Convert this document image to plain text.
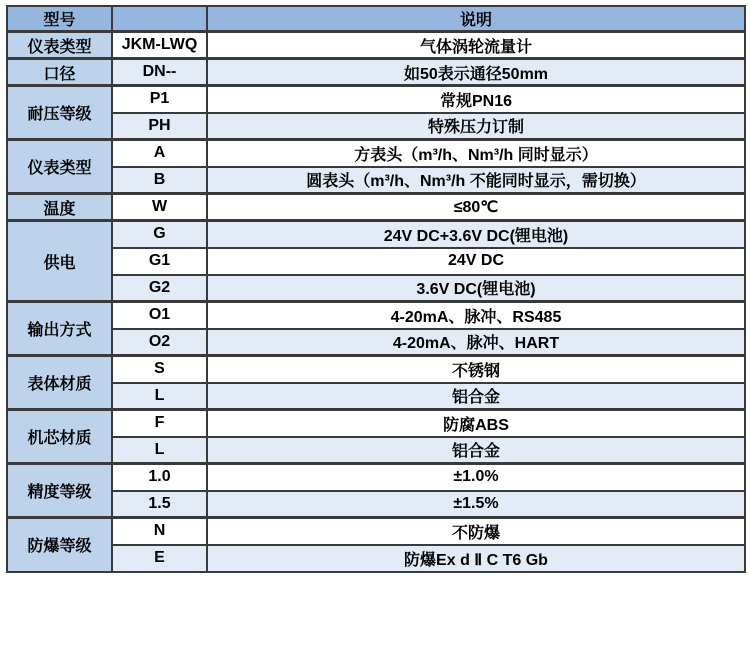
型号		说明
仪表类型	JKM-LWQ	气体涡轮流量计
口径	DN--	如50表示通径50mm
耐压等级	P1	常规PN16
	PH	特殊压力订制
仪表类型	A	方表头（m³/h、Nm³/h 同时显示）
	B	圆表头（m³/h、Nm³/h 不能同时显示，需切换）
温度	W	≤80℃
供电	G	24V DC+3.6V DC(锂电池)
	G1	24V DC
	G2	3.6V DC(锂电池)
输出方式	O1	4-20mA、脉冲、RS485
	O2	4-20mA、脉冲、HART
表体材质	S	不锈钢
	L	铝合金
机芯材质	F	防腐ABS
	L	铝合金
精度等级	1.0	±1.0%
	1.5	±1.5%
防爆等级	N	不防爆
	E	防爆Ex d Ⅱ C T6 Gb
